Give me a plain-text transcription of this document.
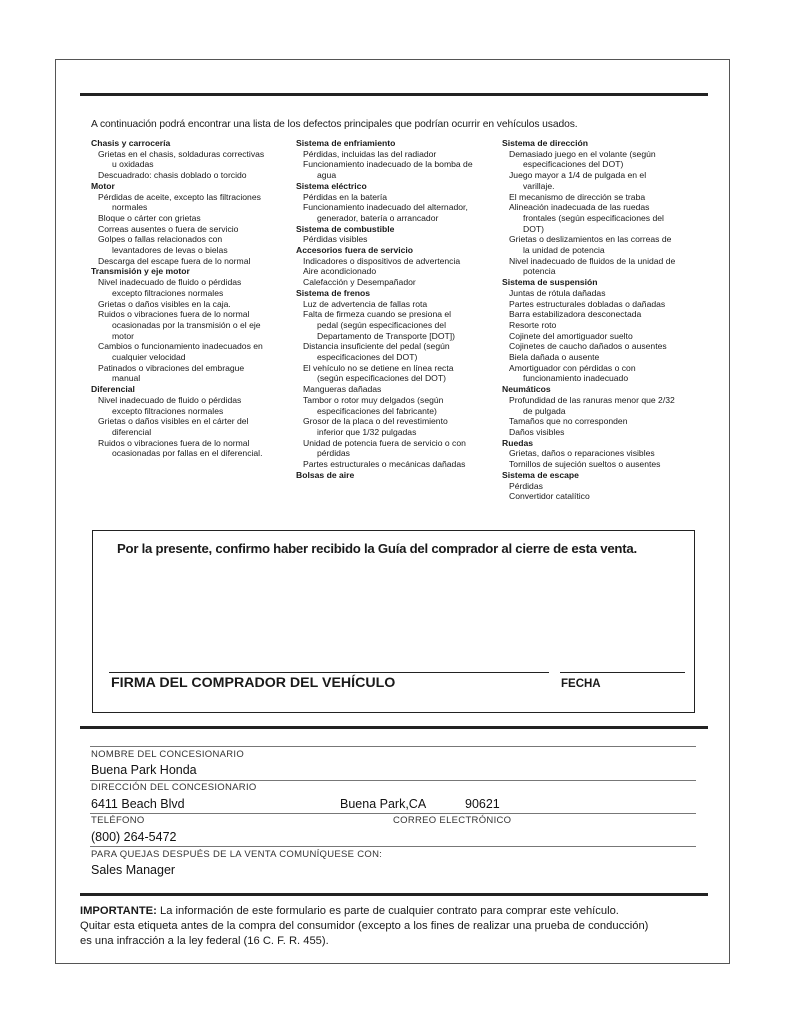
A continuación podrá encontrar una lista de los defectos principales que podrían ocurrir en vehículos usados.
Chasis y carrocería
Grietas en el chasis, soldaduras correctivas
u oxidadas
Descuadrado: chasis doblado o torcido
Motor
Pérdidas de aceite, excepto las filtraciones
normales
Bloque o cárter con grietas
Correas ausentes o fuera de servicio
Golpes o fallas relacionados con
levantadores de levas o bielas
Descarga del escape fuera de lo normal
Transmisión y eje motor
Nivel inadecuado de fluido o pérdidas
excepto filtraciones normales
Grietas o daños visibles en la caja.
Ruidos o vibraciones fuera de lo normal
ocasionadas por la transmisión o el eje
motor
Cambios o funcionamiento inadecuados en
cualquier velocidad
Patinados o vibraciones del embrague
manual
Diferencial
Nivel inadecuado de fluido o pérdidas
excepto filtraciones normales
Grietas o daños visibles en el cárter del
diferencial
Ruidos o vibraciones fuera de lo normal
ocasionadas por fallas en el diferencial.
Sistema de enfriamiento
Pérdidas, incluidas las del radiador
Funcionamiento inadecuado de la bomba de
agua
Sistema eléctrico
Pérdidas en la batería
Funcionamiento inadecuado del alternador,
generador, batería o arrancador
Sistema de combustible
Pérdidas visibles
Accesorios fuera de servicio
Indicadores o dispositivos de advertencia
Aire acondicionado
Calefacción y Desempañador
Sistema de frenos
Luz de advertencia de fallas rota
Falta de firmeza cuando se presiona el
pedal (según especificaciones del
Departamento de Transporte [DOT])
Distancia insuficiente del pedal (según
especificaciones del DOT)
El vehículo no se detiene en línea recta
(según especificaciones del DOT)
Mangueras dañadas
Tambor o rotor muy delgados (según
especificaciones del fabricante)
Grosor de la placa o del revestimiento
inferior que 1/32 pulgadas
Unidad de potencia fuera de servicio o con
pérdidas
Partes estructurales o mecánicas dañadas
Bolsas de aire
Sistema de dirección
Demasiado juego en el volante (según
especificaciones del DOT)
Juego mayor a 1/4 de pulgada en el
varillaje.
El mecanismo de dirección se traba
Alineación inadecuada de las ruedas
frontales (según especificaciones del
DOT)
Grietas o deslizamientos en las correas de
la unidad de potencia
Nivel inadecuado de fluidos de la unidad de
potencia
Sistema de suspensión
Juntas de rótula dañadas
Partes estructurales dobladas o dañadas
Barra estabilizadora desconectada
Resorte roto
Cojinete del amortiguador suelto
Cojinetes de caucho dañados o ausentes
Biela dañada o ausente
Amortiguador con pérdidas o con
funcionamiento inadecuado
Neumáticos
Profundidad de las ranuras menor que 2/32
de pulgada
Tamaños que no corresponden
Daños visibles
Ruedas
Grietas, daños o reparaciones visibles
Tornillos de sujeción sueltos o ausentes
Sistema de escape
Pérdidas
Convertidor catalítico
Por la presente, confirmo haber recibido la Guía del comprador al cierre de esta venta.
FIRMA DEL COMPRADOR DEL VEHÍCULO	FECHA
NOMBRE DEL CONCESIONARIO
Buena Park Honda
DIRECCIÓN DEL CONCESIONARIO
6411 Beach Blvd	Buena Park,CA	90621
TELÉFONO	CORREO ELECTRÓNICO
(800) 264-5472
PARA QUEJAS DESPUÉS DE LA VENTA COMUNÍQUESE CON:
Sales Manager
IMPORTANTE: La información de este formulario es parte de cualquier contrato para comprar este vehículo.
Quitar esta etiqueta antes de la compra del consumidor (excepto a los fines de realizar una prueba de conducción)
es una infracción a la ley federal (16 C. F. R. 455).
